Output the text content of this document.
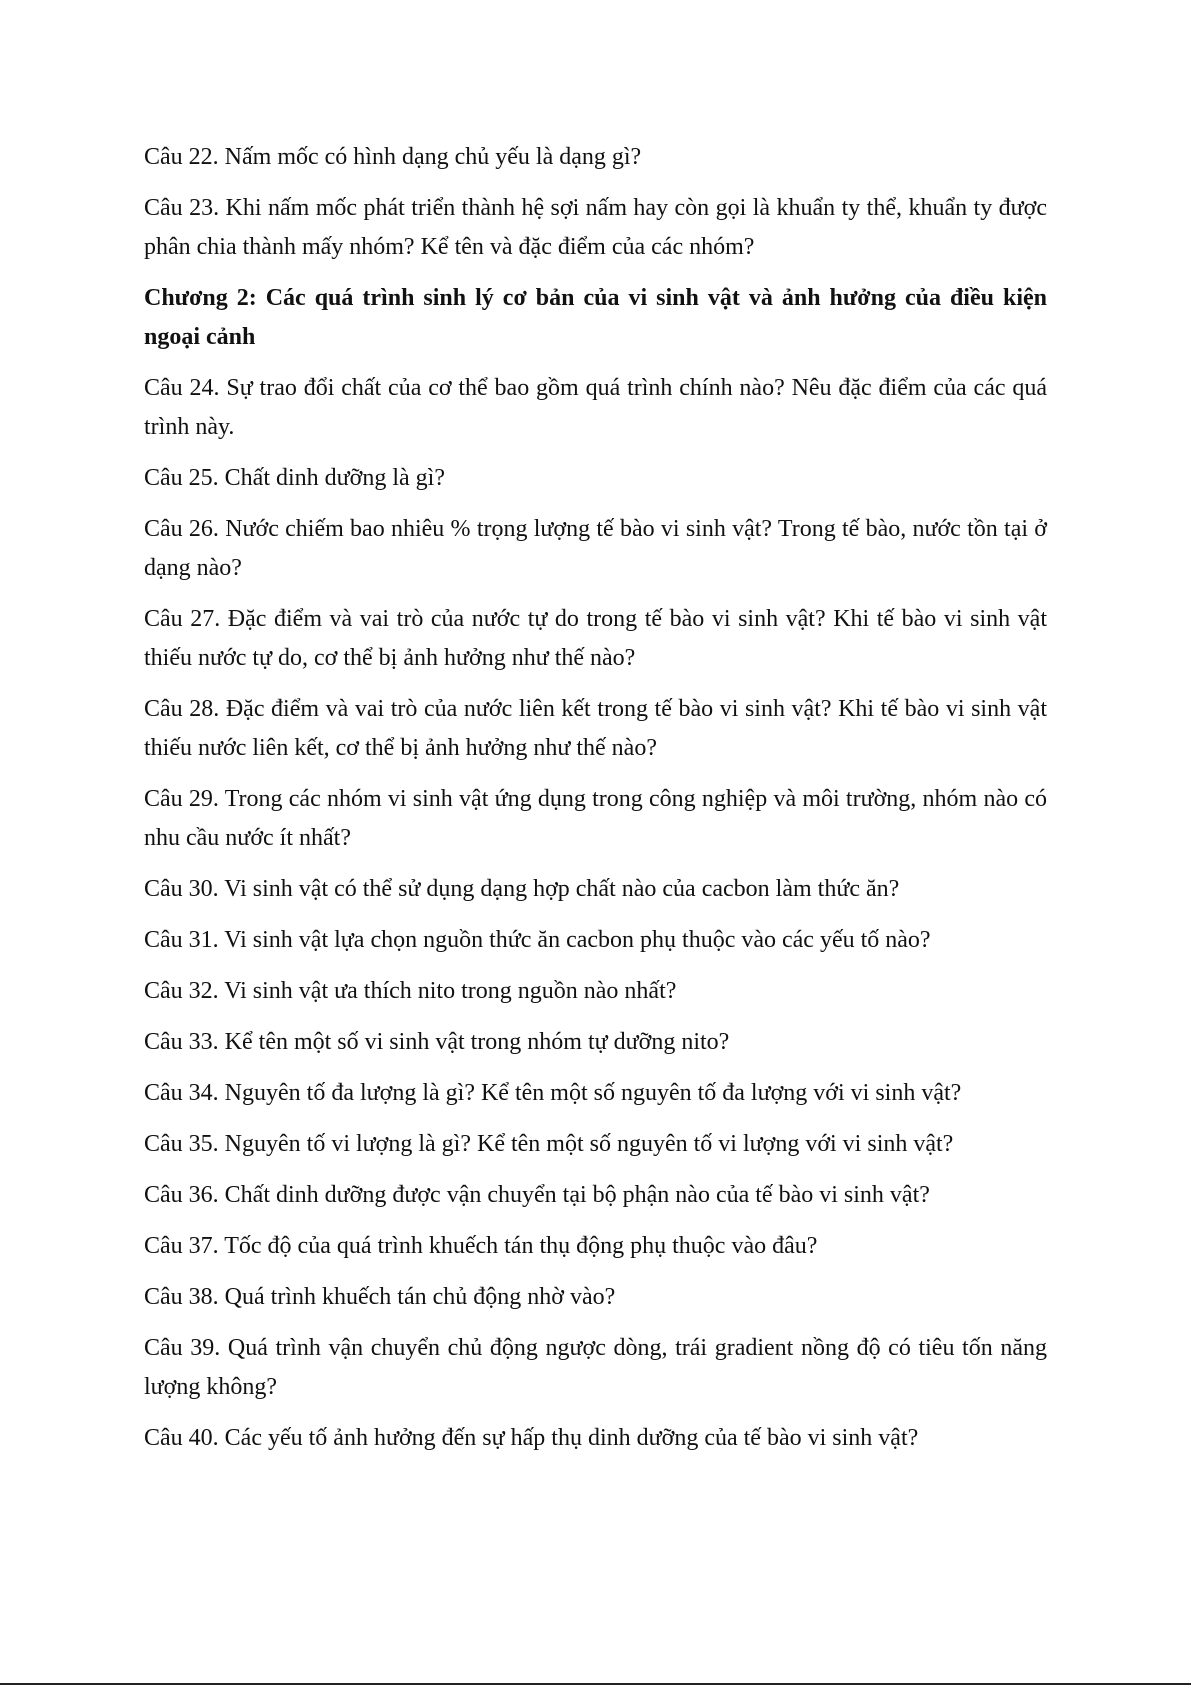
Câu 22. Nấm mốc có hình dạng chủ yếu là dạng gì?

Câu 23. Khi nấm mốc phát triển thành hệ sợi nấm hay còn gọi là khuẩn ty thể, khuẩn ty được phân chia thành mấy nhóm? Kể tên và đặc điểm của các nhóm?

Chương 2: Các quá trình sinh lý cơ bản của vi sinh vật và ảnh hưởng của điều kiện ngoại cảnh

Câu 24. Sự trao đổi chất của cơ thể bao gồm quá trình chính nào? Nêu đặc điểm của các quá trình này.

Câu 25. Chất dinh dưỡng là gì?

Câu 26. Nước chiếm bao nhiêu % trọng lượng tế bào vi sinh vật? Trong tế bào, nước tồn tại ở dạng nào?

Câu 27. Đặc điểm và vai trò của nước tự do trong tế bào vi sinh vật? Khi tế bào vi sinh vật thiếu nước tự do, cơ thể bị ảnh hưởng như thế nào?

Câu 28. Đặc điểm và vai trò của nước liên kết trong tế bào vi sinh vật? Khi tế bào vi sinh vật thiếu nước liên kết, cơ thể bị ảnh hưởng như thế nào?

Câu 29. Trong các nhóm vi sinh vật ứng dụng trong công nghiệp và môi trường, nhóm nào có nhu cầu nước ít nhất?

Câu 30. Vi sinh vật có thể sử dụng dạng hợp chất nào của cacbon làm thức ăn?

Câu 31. Vi sinh vật lựa chọn nguồn thức ăn cacbon phụ thuộc vào các yếu tố nào?

Câu 32. Vi sinh vật ưa thích nito trong nguồn nào nhất?

Câu 33. Kể tên một số vi sinh vật trong nhóm tự dưỡng nito?

Câu 34. Nguyên tố đa lượng là gì? Kể tên một số nguyên tố đa lượng với vi sinh vật?

Câu 35. Nguyên tố vi lượng là gì? Kể tên một số nguyên tố vi lượng với vi sinh vật?

Câu 36. Chất dinh dưỡng được vận chuyển tại bộ phận nào của tế bào vi sinh vật?

Câu 37. Tốc độ của quá trình khuếch tán thụ động phụ thuộc vào đâu?

Câu 38. Quá trình khuếch tán chủ động nhờ vào?

Câu 39. Quá trình vận chuyển chủ động ngược dòng, trái gradient nồng độ có tiêu tốn năng lượng không?

Câu 40. Các yếu tố ảnh hưởng đến sự hấp thụ dinh dưỡng của tế bào vi sinh vật?
